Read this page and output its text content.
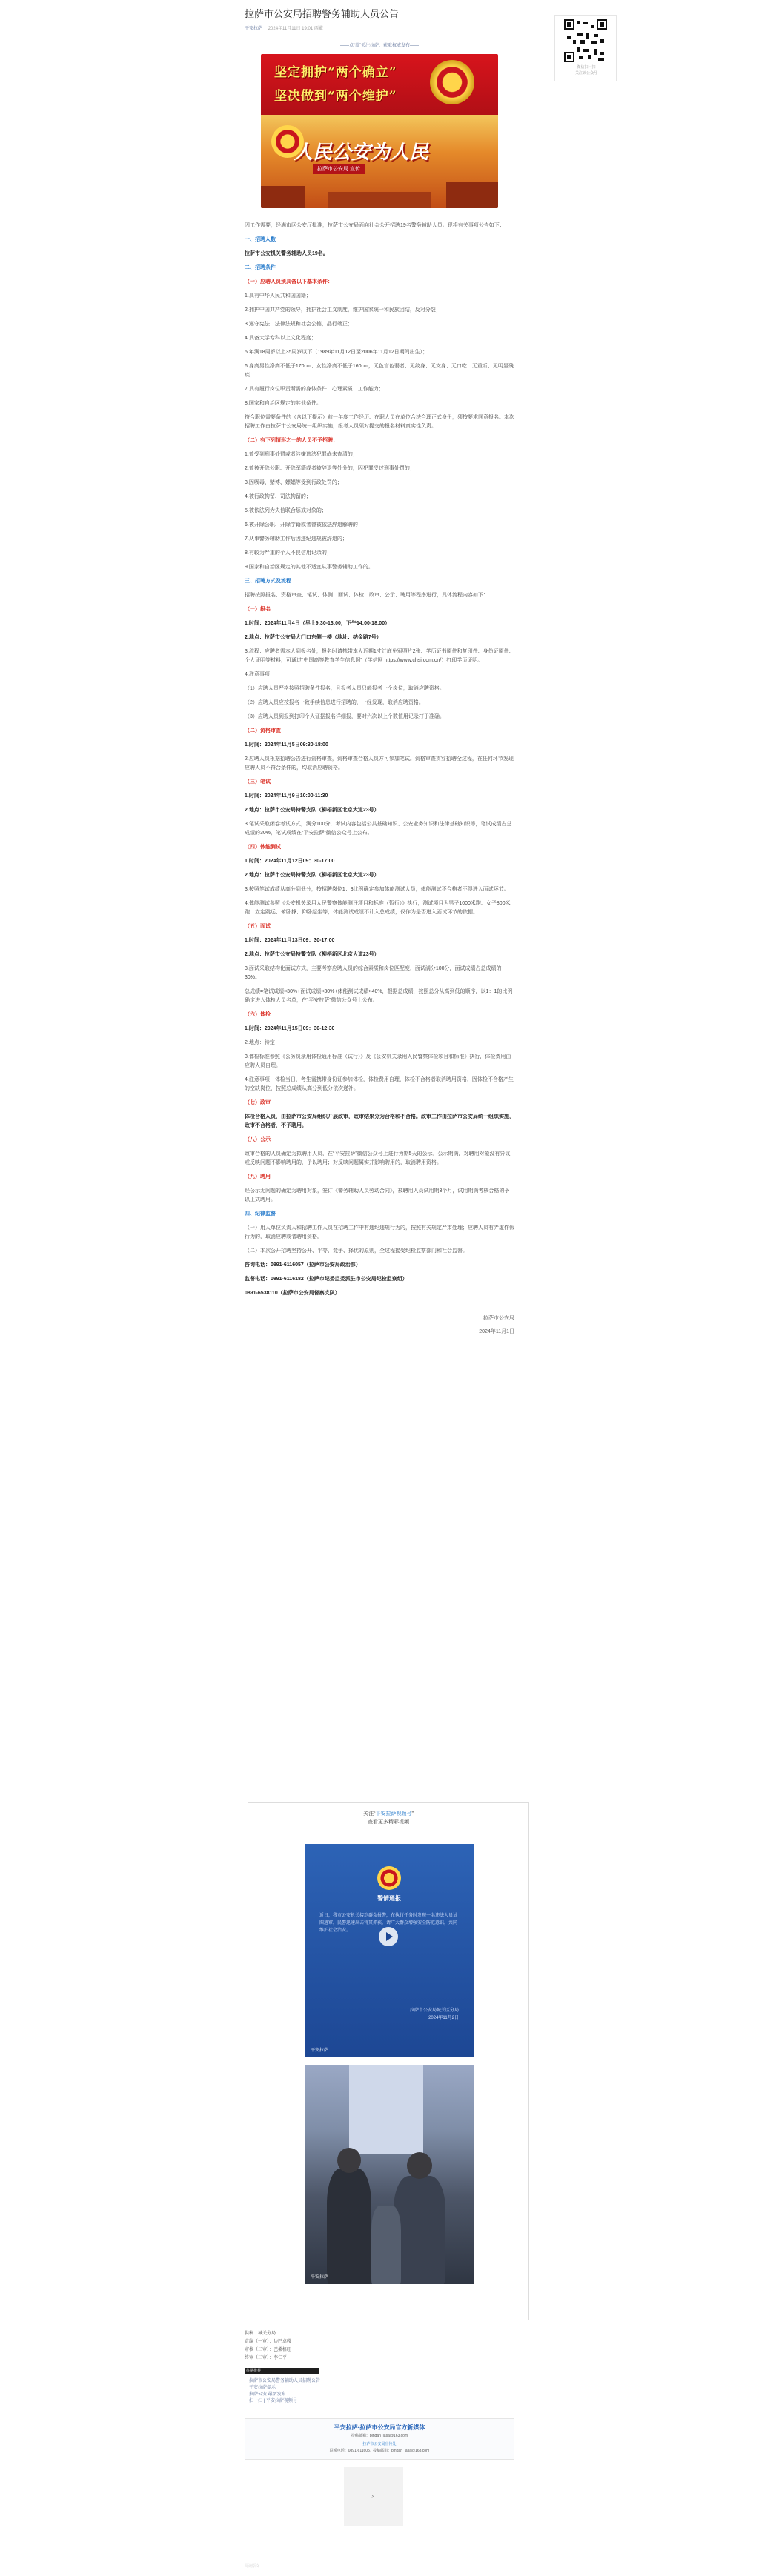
拉萨市公安局招聘警务辅助人员公告
平安拉萨 2024年11月11日 19:01 西藏
——点“蓝”关注拉萨，获取权威发布——
坚定拥护“两个确立”
坚决做到“两个维护”
人民公安为人民
拉萨市公安局 宣传
因工作需要，经满市区公安厅批准，拉萨市公安局面向社会公开招聘19名警务辅助人员。现将有关事项公告如下：
一、招聘人数
拉萨市公安机关警务辅助人员19名。
二、招聘条件
（一）应聘人员须具备以下基本条件：
1.具有中华人民共和国国籍；
2.拥护中国共产党的领导，拥护社会主义制度，维护国家统一和民族团结，反对分裂；
3.遵守宪法、法律法规和社会公德，品行端正；
4.具备大学专科以上文化程度；
5.年满18周岁以上35周岁以下（1989年11月12日至2006年11月12日期间出生）；
6.身高男性净高不低于170cm、女性净高不低于160cm，无色盲色弱者、无纹身、无文身、无口吃、无重听、无明显残疾；
7.具有履行岗位职责所需的身体条件、心理素质、工作能力；
8.国家和自治区规定的其他条件。
符合职位需要条件的（含以下提示）前一年度工作经历、在职人员在单位合法合理正式身份，须按要求同意报名。本次招聘工作由拉萨市公安局统一组织实施，报考人员须对提交的报名材料真实性负责。
（二）有下列情形之一的人员不予招聘：
1.曾受到刑事处罚或者涉嫌违法犯罪尚未查清的；
2.曾被开除公职、开除军籍或者被辞退等处分的，因犯罪受过刑事处罚的；
3.因吸毒、赌博、嫖娼等受到行政处罚的；
4.被行政拘留、司法拘留的；
5.被依法列为失信联合惩戒对象的；
6.被开除公职、开除学籍或者曾被依法辞退解聘的；
7.从事警务辅助工作后因违纪违规被辞退的；
8.有较为严重的个人不良信用记录的；
9.国家和自治区规定的其他不适宜从事警务辅助工作的。
三、招聘方式及流程
招聘按照报名、资格审查、笔试、体测、面试、体检、政审、公示、聘用等程序进行，具体流程内容如下：
（一）报名
1.时间：2024年11月4日（早上9:30-13:00，下午14:00-18:00）
2.地点：拉萨市公安局大门口东侧一楼（地址：纳金路7号）
3.流程：应聘者需本人到报名处，报名时请携带本人近期1寸红底免冠照片2张、学历证书原件和复印件、身份证原件、个人证明等材料，可通过“中国高等教育学生信息网”（学信网 https://www.chsi.com.cn/）打印学历证明。
4.注意事项：
（1）应聘人员严格按照招聘条件报名，且报考人员只能报考一个岗位，取消应聘资格。
（2）应聘人员应按报名一致手续信息进行招聘的，一经发现，取消应聘资格。
（3）应聘人员到报到打印个人证据报名详细报，要对六次以上个数值用记录打于准确。
（二）资格审查
1.时间：2024年11月5日09:30-18:00
2.应聘人员根据招聘公告进行资格审查，资格审查合格人员方可参加笔试。资格审查贯穿招聘全过程，在任何环节发现应聘人员不符合条件的，均取消应聘资格。
（三）笔试
1.时间：2024年11月9日10:00-11:30
2.地点：拉萨市公安局特警支队（柳梧新区北京大道23号）
3.笔试采取闭卷考试方式，满分100分，考试内容包括公共基础知识、公安业务知识和法律基础知识等，笔试成绩占总成绩的30%，笔试成绩在“平安拉萨”微信公众号上公布。
（四）体能测试
1.时间：2024年11月12日09：30-17:00
2.地点：拉萨市公安局特警支队（柳梧新区北京大道23号）
3.按照笔试成绩从高分到低分，按招聘岗位1：3比例确定参加体能测试人员，体能测试不合格者不得进入面试环节。
4.体能测试参照《公安机关录用人民警察体能测评项目和标准（暂行）》执行，测试项目为男子1000米跑、女子800米跑、立定跳远、俯卧撑、仰卧起坐等，体能测试成绩不计入总成绩，仅作为是否进入面试环节的依据。
（五）面试
1.时间：2024年11月13日09：30-17:00
2.地点：拉萨市公安局特警支队（柳梧新区北京大道23号）
3.面试采取结构化面试方式，主要考察应聘人员的综合素质和岗位匹配度，面试满分100分，面试成绩占总成绩的30%。
总成绩=笔试成绩×30%+面试成绩×30%+体能测试成绩×40%，根据总成绩，按照总分从高到低的顺序，以1：1的比例确定进入体检人员名单，在“平安拉萨”微信公众号上公布。
（六）体检
1.时间：2024年11月15日09：30-12:30
2.地点：待定
3.体检标准参照《公务员录用体检通用标准（试行）》及《公安机关录用人民警察体检项目和标准》执行，体检费用由应聘人员自理。
4.注意事项：体检当日，考生需携带身份证参加体检，体检费用自理，体检不合格者取消聘用资格，因体检不合格产生的空缺岗位，按照总成绩从高分到低分依次递补。
（七）政审
体检合格人员，由拉萨市公安局组织开展政审，政审结果分为合格和不合格。政审工作由拉萨市公安局统一组织实施，政审不合格者，不予聘用。
（八）公示
政审合格的人员确定为拟聘用人员，在“平安拉萨”微信公众号上进行为期5天的公示。公示期满，对聘用对象没有异议或反映问题不影响聘用的，予以聘用；对反映问题属实并影响聘用的，取消聘用资格。
（九）聘用
经公示无问题的确定为聘用对象，签订《警务辅助人员劳动合同》，被聘用人员试用期3个月，试用期满考核合格的予以正式聘用。
四、纪律监督
（一）用人单位负责人和招聘工作人员在招聘工作中有违纪违规行为的，按照有关规定严肃处理；应聘人员有弄虚作假行为的，取消应聘或者聘用资格。
（二）本次公开招聘坚持公开、平等、竞争、择优的原则，全过程接受纪检监察部门和社会监督。
咨询电话：0891-6116057（拉萨市公安局政治部）
监督电话：0891-6116182（拉萨市纪委监委派驻市公安局纪检监察组）
0891-6538110（拉萨市公安局督察支队）
拉萨市公安局
2024年11月1日
微信扫一扫
关注该公众号
关注“平安拉萨视频号”
查看更多精彩视频
警情通报
近日，我市公安机关接到群众报警，在执行任务时发现一名违法人员试图逃窜，民警迅速出击将其抓获。请广大群众增强安全防范意识，共同维护社会治安。
拉萨市公安局城关区分局
2024年11月2日
平安拉萨
平安拉萨
供稿：城关分局
责编（一审）：边巴卓嘎
审核（二审）：巴桑格旺
终审（三审）：李仁平
往期推荐
拉萨市公安局警务辅助人员招聘公告
平安拉萨提示
拉萨公安 最新发布
扫一扫 | 平安拉萨视频号
平安拉萨·拉萨市公安局官方新媒体
投稿邮箱：pingan_lasa@163.com
拉萨市公安局宣传处
联系电话：0891-6116057 投稿邮箱：pingan_lasa@163.com
›
阅读原文
